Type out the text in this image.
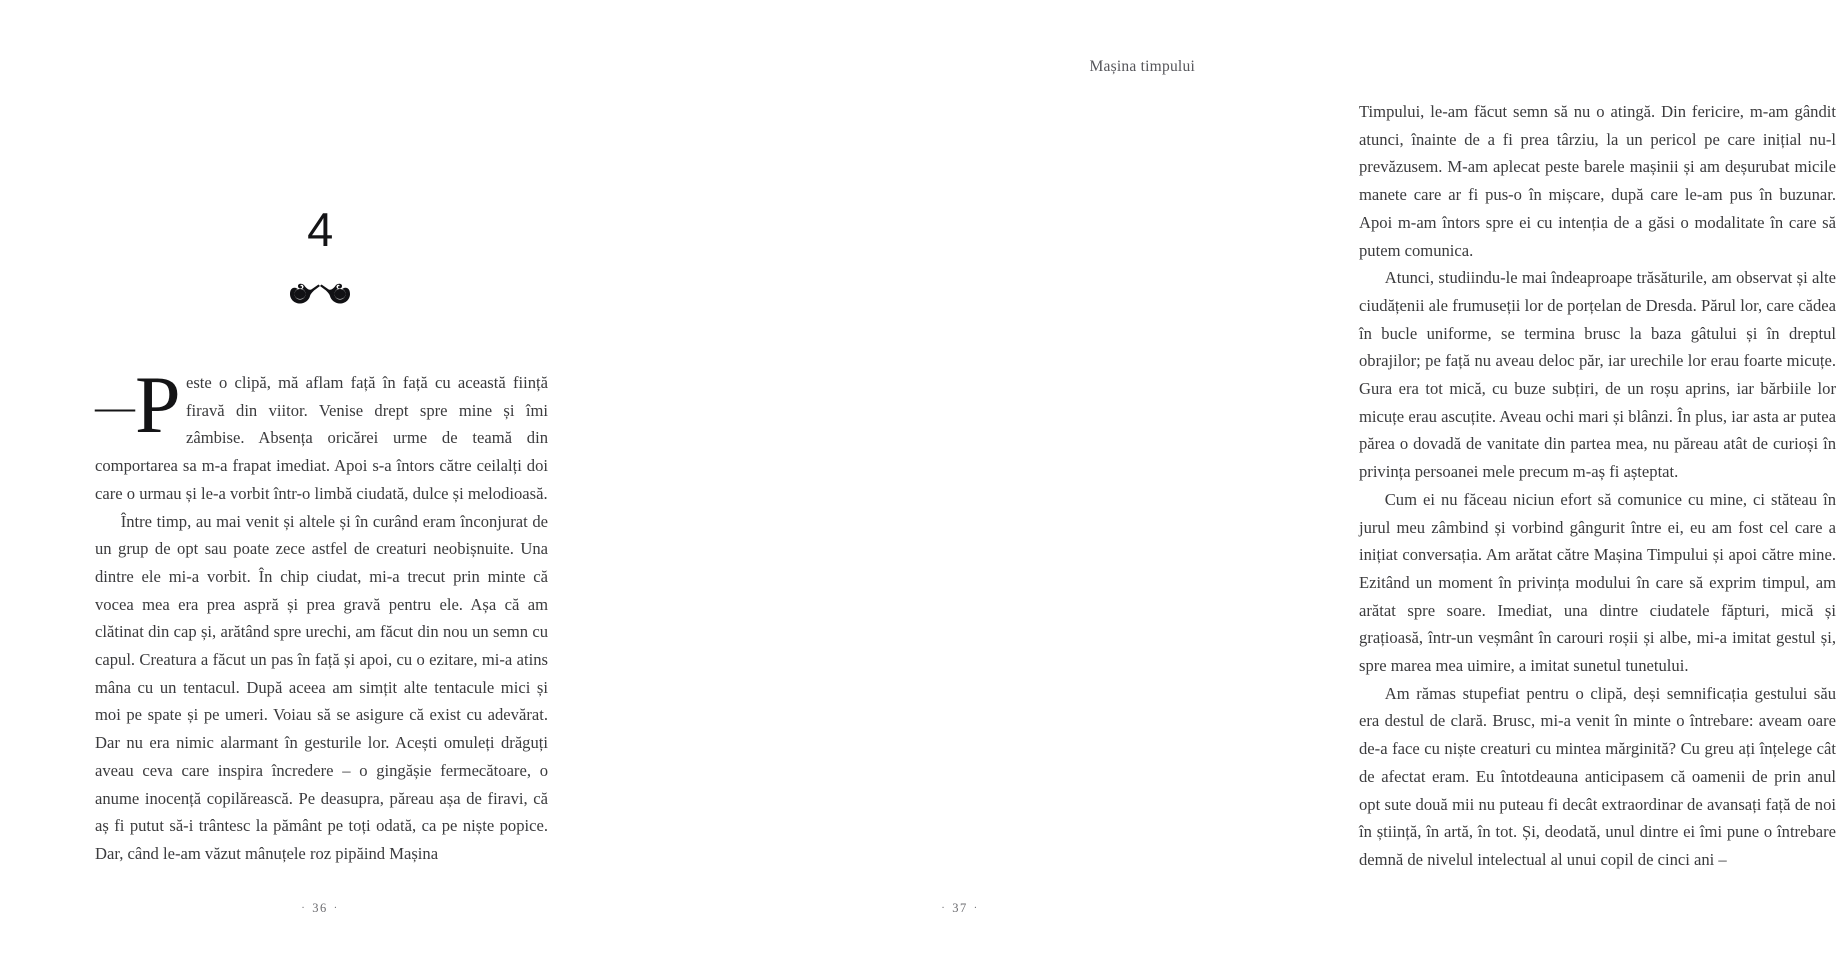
4
—P este o clipă, mă aflam față în față cu această ființă firavă din viitor. Venise drept spre mine și îmi zâmbise. Absența oricărei urme de teamă din comportarea sa m-a frapat imediat. Apoi s-a întors către ceilalți doi care o urmau și le-a vorbit într-o limbă ciudată, dulce și melodioasă.

Între timp, au mai venit și altele și în curând eram înconjurat de un grup de opt sau poate zece astfel de creaturi neobișnuite. Una dintre ele mi-a vorbit. În chip ciudat, mi-a trecut prin minte că vocea mea era prea aspră și prea gravă pentru ele. Așa că am clătinat din cap și, arătând spre urechi, am făcut din nou un semn cu capul. Creatura a făcut un pas în față și apoi, cu o ezitare, mi-a atins mâna cu un tentacul. După aceea am simțit alte tentacule mici și moi pe spate și pe umeri. Voiau să se asigure că exist cu adevărat. Dar nu era nimic alarmant în gesturile lor. Acești omuleți drăguți aveau ceva care inspira încredere – o gingășie fermecătoare, o anume inocență copilărească. Pe deasupra, păreau așa de firavi, că aș fi putut să-i trântesc la pământ pe toți odată, ca pe niște popice. Dar, când le-am văzut mânuțele roz pipăind Mașina

· 36 ·
Mașina timpului

Timpului, le-am făcut semn să nu o atingă. Din fericire, m-am gândit atunci, înainte de a fi prea târziu, la un pericol pe care inițial nu-l prevăzusem. M-am aplecat peste barele mașinii și am deșurubat micile manete care ar fi pus-o în mișcare, după care le-am pus în buzunar. Apoi m-am întors spre ei cu intenția de a găsi o modalitate în care să putem comunica.

Atunci, studiindu-le mai îndeaproape trăsăturile, am observat și alte ciudățenii ale frumuseții lor de porțelan de Dresda. Părul lor, care cădea în bucle uniforme, se termina brusc la baza gâtului și în dreptul obrajilor; pe față nu aveau deloc păr, iar urechile lor erau foarte micuțe. Gura era tot mică, cu buze subțiri, de un roșu aprins, iar bărbiile lor micuțe erau ascuțite. Aveau ochi mari și blânzi. În plus, iar asta ar putea părea o dovadă de vanitate din partea mea, nu păreau atât de curioși în privința persoanei mele precum m-aș fi așteptat.

Cum ei nu făceau niciun efort să comunice cu mine, ci stăteau în jurul meu zâmbind și vorbind gângurit între ei, eu am fost cel care a inițiat conversația. Am arătat către Mașina Timpului și apoi către mine. Ezitând un moment în privința modului în care să exprim timpul, am arătat spre soare. Imediat, una dintre ciudatele făpturi, mică și grațioasă, într-un veșmânt în carouri roșii și albe, mi-a imitat gestul și, spre marea mea uimire, a imitat sunetul tunetului.

Am rămas stupefiat pentru o clipă, deși semnificația gestului său era destul de clară. Brusc, mi-a venit în minte o întrebare: aveam oare de-a face cu niște creaturi cu mintea mărginită? Cu greu ați înțelege cât de afectat eram. Eu întotdeauna anticipasem că oamenii de prin anul opt sute două mii nu puteau fi decât extraordinar de avansați față de noi în știință, în artă, în tot. Și, deodată, unul dintre ei îmi pune o întrebare demnă de nivelul intelectual al unui copil de cinci ani –

· 37 ·
